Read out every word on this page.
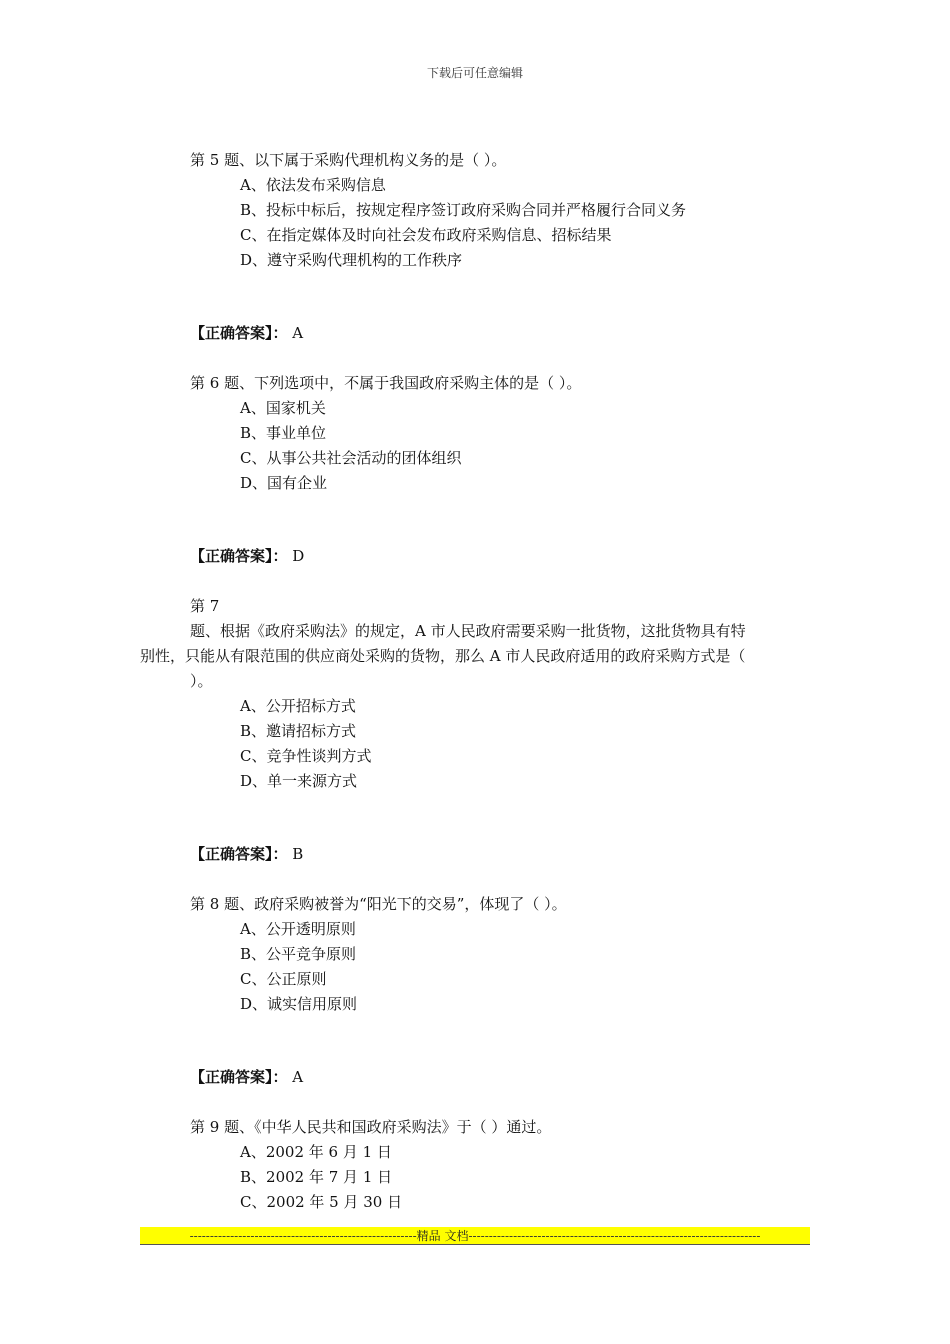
下载后可任意编辑

第 5 题、以下属于采购代理机构义务的是（ ）。

A、依法发布采购信息

B、投标中标后，按规定程序签订政府采购合同并严格履行合同义务

C、在指定媒体及时向社会发布政府采购信息、招标结果

D、遵守采购代理机构的工作秩序

【正确答案】： A

第 6 题、下列选项中，不属于我国政府采购主体的是（ ）。

A、国家机关

B、事业单位

C、从事公共社会活动的团体组织

D、国有企业

【正确答案】： D

第 7

题、根据《政府采购法》的规定，A 市人民政府需要采购一批货物，这批货物具有特

别性，只能从有限范围的供应商处采购的货物，那么 A 市人民政府适用的政府采购方式是（

）。

A、公开招标方式

B、邀请招标方式

C、竞争性谈判方式

D、单一来源方式

【正确答案】： B

第 8 题、政府采购被誉为“阳光下的交易”，体现了（ ）。

A、公开透明原则

B、公平竞争原则

C、公正原则

D、诚实信用原则

【正确答案】： A

第 9 题、《中华人民共和国政府采购法》于（ ）通过。

A、2002 年 6 月 1 日

B、2002 年 7 月 1 日

C、2002 年 5 月 30 日

--------------------------------------------------------精品 文档------------------------------------------------------------------------
